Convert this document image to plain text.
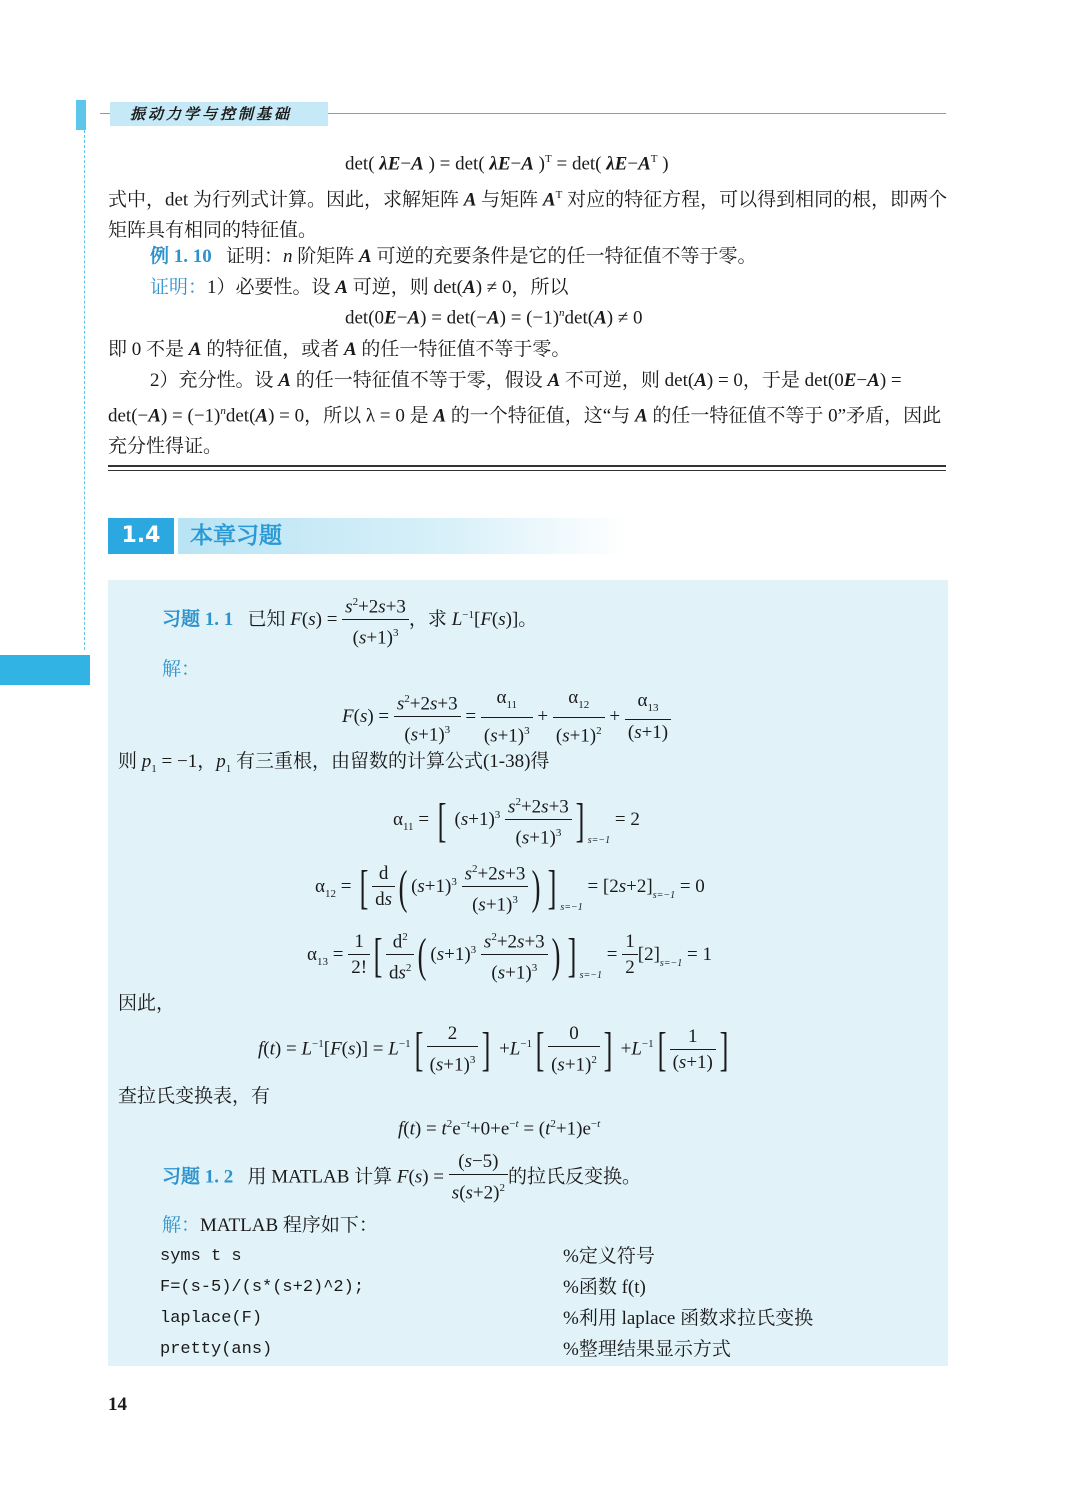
振动力学与控制基础
det( λE−A ) = det( λE−A )$^T$ = det( $\lambda E-A^T$ )
式中，det 为行列式计算。因此，求解矩阵 A 与矩阵 $A^T$ 对应的特征方程，可以得到相同的根，即两个矩阵具有相同的特征值。
例 1. 10   证明：n 阶矩阵 A 可逆的充要条件是它的任一特征值不等于零。
证明：1）必要性。设 A 可逆，则 det(A) ≠ 0，所以
$\det(0E-A) = \det(-A) = (-1)^n\det(A) \ne 0$
即 0 不是 A 的特征值，或者 A 的任一特征值不等于零。
2）充分性。设 A 的任一特征值不等于零，假设 A 不可逆，则 det(A) = 0，于是 $\det(0E-A) = \det(-A) = (-1)^n\det(A) = 0$，所以 λ = 0 是 A 的一个特征值，这“与 A 的任一特征值不等于 0”矛盾，因此充分性得证。
1.4	本章习题
习题 1. 1 已知 $F(s) = \frac{s^2+2s+3}{(s+1)^3}$ ，求 $L^{-1}[F(s)]$。
解：
$F(s) = \frac{s^2+2s+3}{(s+1)^3} = \frac{\alpha_{11}}{(s+1)^3} + \frac{\alpha_{12}}{(s+1)^2} + \frac{\alpha_{13}}{(s+1)}$
则 $p_1 = -1$，$p_1$ 有三重根，由留数的计算公式(1-38)得
$\alpha_{11}$ = [ $(s+1)^3 \frac{s^2+2s+3}{(s+1)^3}$ ] $_{s=-1}$ = 2
$\alpha_{12}$ = [ $\frac{d}{ds}$ ( $(s+1)^3 \frac{s^2+2s+3}{(s+1)^3}$ ) ] $_{s=-1} = [2s+2]_{s=-1} = 0$
$\alpha_{13} = \frac{1}{2!}$ [ $\frac{d^2}{ds^2}$ ( $(s+1)^3 \frac{s^2+2s+3}{(s+1)^3}$ ) ] $_{s=-1} = \frac{1}{2} [2]_{s=-1} = 1$
因此，
$f(t) = L^{-1}[F(s)] = L^{-1}[ \frac{2}{(s+1)^3}$ ] $+L^{-1}[ \frac{0}{(s+1)^2}$ ] $+L^{-1}[ \frac{1}{(s+1)}$ ]
查拉氏变换表，有
$f(t) = t^2e^{-t}+0+e^{-t} = (t^2+1)e^{-t}$
习题 1. 2 用 MATLAB 计算 $F(s) = \frac{(s-5)}{s(s+2)^2}$ 的拉氏反变换。
解：MATLAB 程序如下：
syms t s	%定义符号
F=(s-5)/(s*(s+2)^2);	%函数 f(t)
laplace(F)	%利用 laplace 函数求拉氏变换
pretty(ans)	%整理结果显示方式
14
